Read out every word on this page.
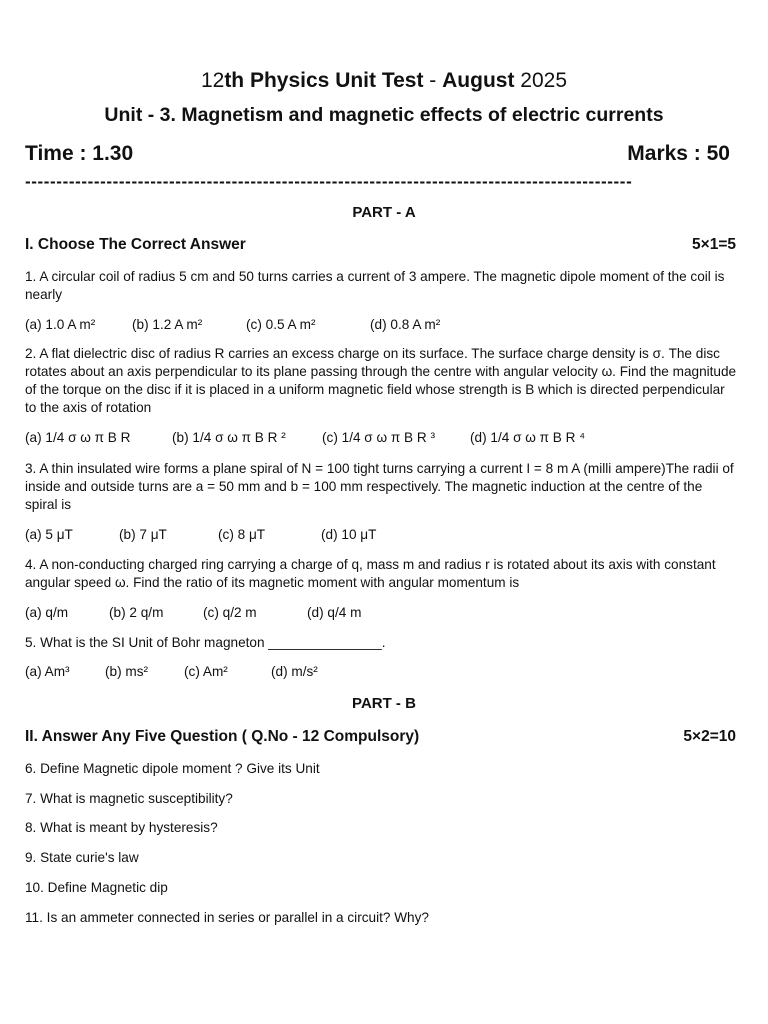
12th Physics Unit Test - August 2025
Unit - 3. Magnetism and magnetic effects of electric currents
Time : 1.30	Marks : 50
-------------------------------------------------------------------------------------------------
PART - A
I. Choose The Correct Answer	5×1=5
1. A circular coil of radius 5 cm and 50 turns carries a current of 3 ampere. The magnetic dipole moment of the coil is nearly
(a) 1.0 A m²	(b) 1.2 A m²	(c) 0.5 A m²	(d) 0.8 A m²
2. A flat dielectric disc of radius R carries an excess charge on its surface. The surface charge density is σ. The disc rotates about an axis perpendicular to its plane passing through the centre with angular velocity ω. Find the magnitude of the torque on the disc if it is placed in a uniform magnetic field whose strength is B which is directed perpendicular to the axis of rotation
(a) 1/4 σ ω π B R	(b) 1/4 σ ω π B R ²	(c) 1/4 σ ω π B R ³	(d) 1/4 σ ω π B R ⁴
3. A thin insulated wire forms a plane spiral of N = 100 tight turns carrying a current I = 8 m A (milli ampere)The radii of inside and outside turns are a = 50 mm and b = 100 mm respectively. The magnetic induction at the centre of the spiral is
(a) 5 μT	(b) 7 μT	(c) 8 μT	(d) 10 μT
4. A non-conducting charged ring carrying a charge of q, mass m and radius r is rotated about its axis with constant angular speed ω. Find the ratio of its magnetic moment with angular momentum is
(a) q/m	(b) 2 q/m	(c) q/2 m	(d) q/4 m
5. What is the SI Unit of Bohr magneton _______________.
(a) Am³	(b) ms²	(c) Am²	(d) m/s²
PART - B
II. Answer Any Five Question ( Q.No - 12 Compulsory)	5×2=10
6. Define Magnetic dipole moment ? Give its Unit
7. What is magnetic susceptibility?
8. What is meant by hysteresis?
9. State curie's law
10. Define Magnetic dip
11. Is an ammeter connected in series or parallel in a circuit? Why?
